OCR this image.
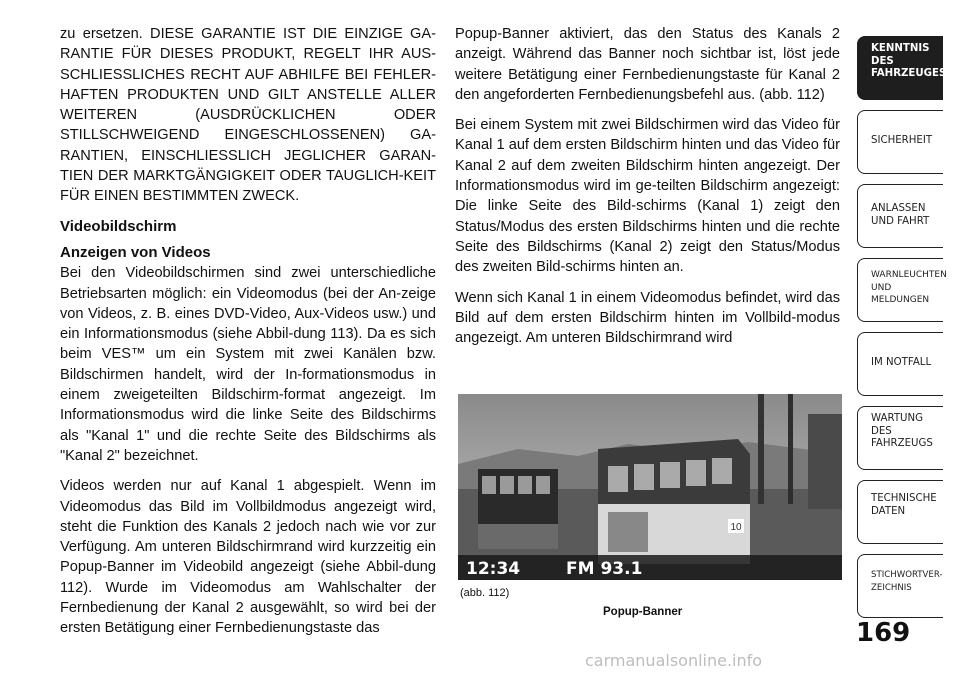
zu ersetzen. DIESE GARANTIE IST DIE EINZIGE GA-RANTIE FÜR DIESES PRODUKT, REGELT IHR AUS-SCHLIESSLICHES RECHT AUF ABHILFE BEI FEHLER-HAFTEN PRODUKTEN UND GILT ANSTELLE ALLER WEITEREN (AUSDRÜCKLICHEN ODER STILLSCHWEIGEND EINGESCHLOSSENEN) GA-RANTIEN, EINSCHLIESSLICH JEGLICHER GARAN-TIEN DER MARKTGÄNGIGKEIT ODER TAUGLICH-KEIT FÜR EINEN BESTIMMTEN ZWECK.

Videobildschirm
Anzeigen von Videos

Bei den Videobildschirmen sind zwei unterschiedliche Betriebsarten möglich: ein Videomodus (bei der An-zeige von Videos, z. B. eines DVD-Video, Aux-Videos usw.) und ein Informationsmodus (siehe Abbil-dung 113). Da es sich beim VES™ um ein System mit zwei Kanälen bzw. Bildschirmen handelt, wird der In-formationsmodus in einem zweigeteilten Bildschirm-format angezeigt. Im Informationsmodus wird die linke Seite des Bildschirms als "Kanal 1" und die rechte Seite des Bildschirms als "Kanal 2" bezeichnet.

Videos werden nur auf Kanal 1 abgespielt. Wenn im Videomodus das Bild im Vollbildmodus angezeigt wird, steht die Funktion des Kanals 2 jedoch nach wie vor zur Verfügung. Am unteren Bildschirmrand wird kurzzeitig ein Popup-Banner im Videobild angezeigt (siehe Abbil-dung 112). Wurde im Videomodus am Wahlschalter der Fernbedienung der Kanal 2 ausgewählt, so wird bei der ersten Betätigung einer Fernbedienungstaste das

Popup-Banner aktiviert, das den Status des Kanals 2 anzeigt. Während das Banner noch sichtbar ist, löst jede weitere Betätigung einer Fernbedienungstaste für Kanal 2 den angeforderten Fernbedienungsbefehl aus. (abb. 112)

Bei einem System mit zwei Bildschirmen wird das Video für Kanal 1 auf dem ersten Bildschirm hinten und das Video für Kanal 2 auf dem zweiten Bildschirm hinten angezeigt. Der Informationsmodus wird im ge-teilten Bildschirm angezeigt: Die linke Seite des Bild-schirms (Kanal 1) zeigt den Status/Modus des ersten Bildschirms hinten und die rechte Seite des Bildschirms (Kanal 2) zeigt den Status/Modus des zweiten Bild-schirms hinten an.

Wenn sich Kanal 1 in einem Videomodus befindet, wird das Bild auf dem ersten Bildschirm hinten im Vollbild-modus angezeigt. Am unteren Bildschirmrand wird

10
12:34	FM 93.1
(abb. 112)
Popup-Banner
KENNTNIS
DES
FAHRZEUGES
SICHERHEIT
ANLASSEN
UND FAHRT
WARNLEUCHTEN
UND
MELDUNGEN
IM NOTFALL
WARTUNG
DES
FAHRZEUGS
TECHNISCHE
DATEN
STICHWORTVER-
ZEICHNIS
169
carmanualsonline.info
